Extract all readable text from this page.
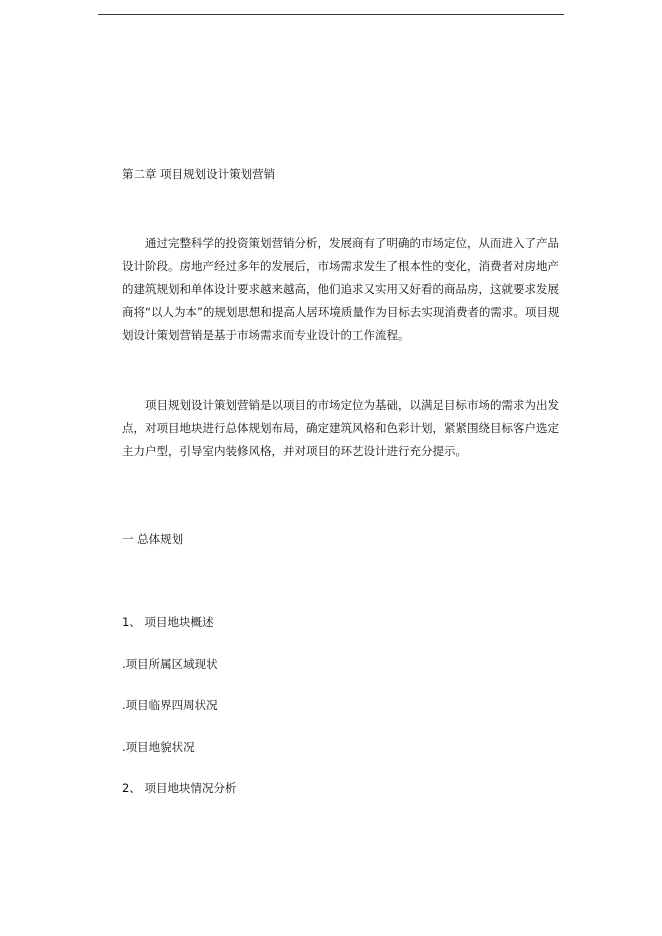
第二章 项目规划设计策划营销

通过完整科学的投资策划营销分析，发展商有了明确的市场定位，从而进入了产品设计阶段。房地产经过多年的发展后，市场需求发生了根本性的变化，消费者对房地产的建筑规划和单体设计要求越来越高，他们追求又实用又好看的商品房，这就要求发展商将“以人为本”的规划思想和提高人居环境质量作为目标去实现消费者的需求。项目规划设计策划营销是基于市场需求而专业设计的工作流程。

项目规划设计策划营销是以项目的市场定位为基础，以满足目标市场的需求为出发点，对项目地块进行总体规划布局，确定建筑风格和色彩计划，紧紧围绕目标客户选定主力户型，引导室内装修风格，并对项目的环艺设计进行充分提示。

一 总体规划
1、 项目地块概述
.项目所属区域现状
.项目临界四周状况
.项目地貌状况
2、 项目地块情况分析
